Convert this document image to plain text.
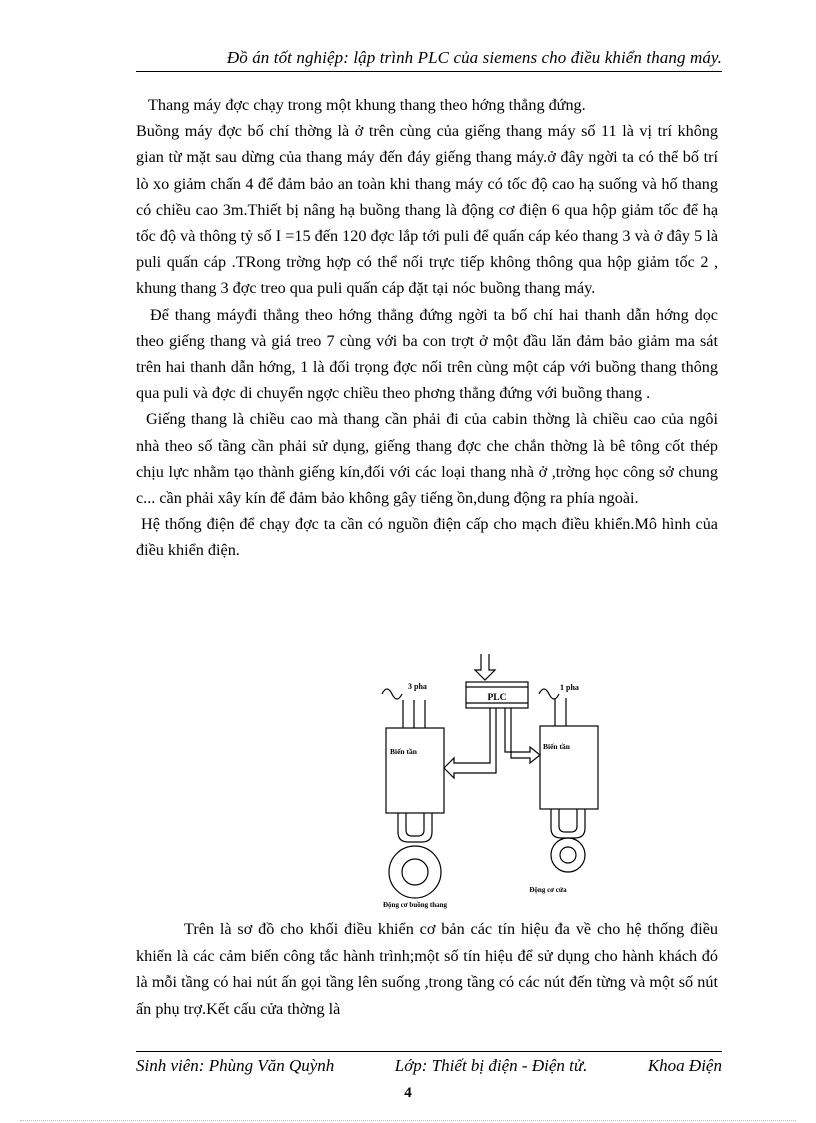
Đồ án tốt nghiệp: lập trình PLC của siemens cho điều khiển thang máy.

Thang máy đợc chạy trong một khung thang theo hớng thẳng đứng.

Buồng máy đợc bố chí thờng là ở trên cùng của giếng thang máy số 11 là vị trí không gian từ mặt sau dừng của thang máy đến đáy giếng thang máy.ở đây ngời ta có thể bố trí lò xo giảm chấn 4 để đảm bảo an toàn khi thang máy có tốc độ cao hạ suống và hố thang có chiều cao 3m.Thiết bị nâng hạ buồng thang là động cơ điện 6 qua hộp giảm tốc để hạ tốc độ và thông tỷ số I =15 đến 120 đợc lắp tới puli để quấn cáp kéo thang 3 và ở đây 5 là puli quấn cáp .TRong trờng hợp có thể nối trực tiếp không thông qua hộp giảm tốc 2 , khung thang 3 đợc treo qua puli quấn cáp đặt tại nóc buồng thang máy.

Để thang máyđi thẳng theo hớng thẳng đứng ngời ta bố chí hai thanh dẫn hớng dọc theo giếng thang và giá treo 7 cùng với ba con trợt ở một đầu lăn đảm bảo giảm ma sát trên hai thanh dẫn hớng, 1 là đối trọng đợc nối trên cùng một cáp với buồng thang thông qua puli và đợc di chuyển ngợc chiều theo phơng thẳng đứng với buồng thang .

Giếng thang là chiều cao mà thang cần phải đi của cabin thờng là chiều cao của ngôi nhà theo số tầng cần phải sử dụng, giếng thang đợc che chắn thờng là bê tông cốt thép chịu lực nhằm tạo thành giếng kín,đối với các loại thang nhà ở ,trờng học công sở chung c... cần phải xây kín để đảm bảo không gây tiếng ồn,dung động ra phía ngoài.

Hệ thống điện để chạy đợc ta cần có nguồn điện cấp cho mạch điều khiển.Mô hình của điều khiển điện.

PLC
3 pha	1 pha
Biến tần
Biến tần
Động cơ buồng thang
Động cơ cửa

Trên là sơ đồ cho khối điều khiển cơ bản các tín hiệu đa về cho hệ thống điều khiển là các cảm biến công tắc hành trình;một số tín hiệu để sử dụng cho hành khách đó là mỗi tầng có hai nút ấn gọi tầng lên suống ,trong tầng có các nút đến từng và một số nút ấn phụ trợ.Kết cấu cửa thờng là

Sinh viên: Phùng Văn Quỳnh	Lớp: Thiết bị điện - Điện tử.	Khoa Điện
4
